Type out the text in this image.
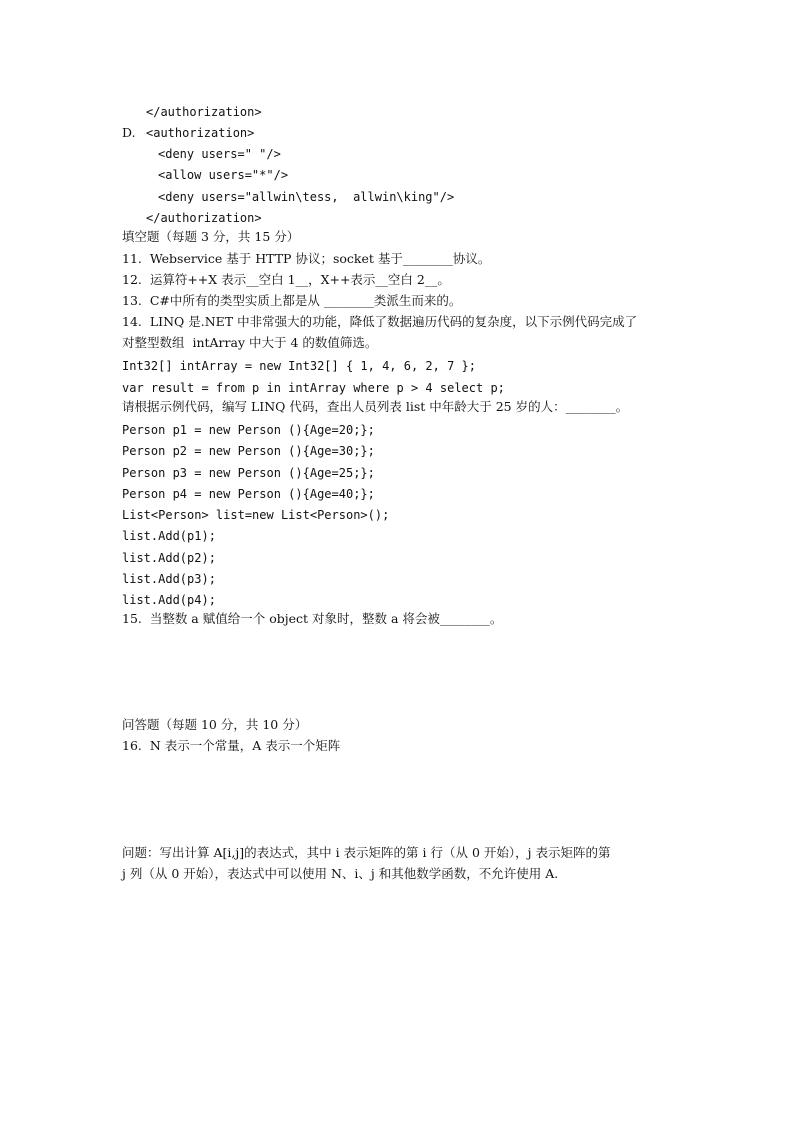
</authorization>
D. <authorization>
<deny users=" "/>
<allow users="*"/>
<deny users="allwin\tess,  allwin\king"/>
</authorization>
填空题（每题 3 分，共 15 分）
11.  Webservice 基于 HTTP 协议；socket 基于________协议。
12.  运算符++X 表示__空白 1__，X++表示__空白 2__。
13.  C#中所有的类型实质上都是从 ________类派生而来的。
14.  LINQ 是.NET 中非常强大的功能，降低了数据遍历代码的复杂度，以下示例代码完成了
对整型数组  intArray 中大于 4 的数值筛选。
Int32[] intArray = new Int32[] { 1, 4, 6, 2, 7 };
var result = from p in intArray where p > 4 select p;
请根据示例代码，编写 LINQ 代码，查出人员列表 list 中年龄大于 25 岁的人：________。
Person p1 = new Person (){Age=20;};
Person p2 = new Person (){Age=30;};
Person p3 = new Person (){Age=25;};
Person p4 = new Person (){Age=40;};
List<Person> list=new List<Person>();
list.Add(p1);
list.Add(p2);
list.Add(p3);
list.Add(p4);
15.  当整数 a 赋值给一个 object 对象时，整数 a 将会被________。
问答题（每题 10 分，共 10 分）
16.  N 表示一个常量，A 表示一个矩阵
问题：写出计算 A[i,j]的表达式，其中 i 表示矩阵的第 i 行（从 0 开始），j 表示矩阵的第
j 列（从 0 开始），表达式中可以使用 N、i、j 和其他数学函数，不允许使用 A.
